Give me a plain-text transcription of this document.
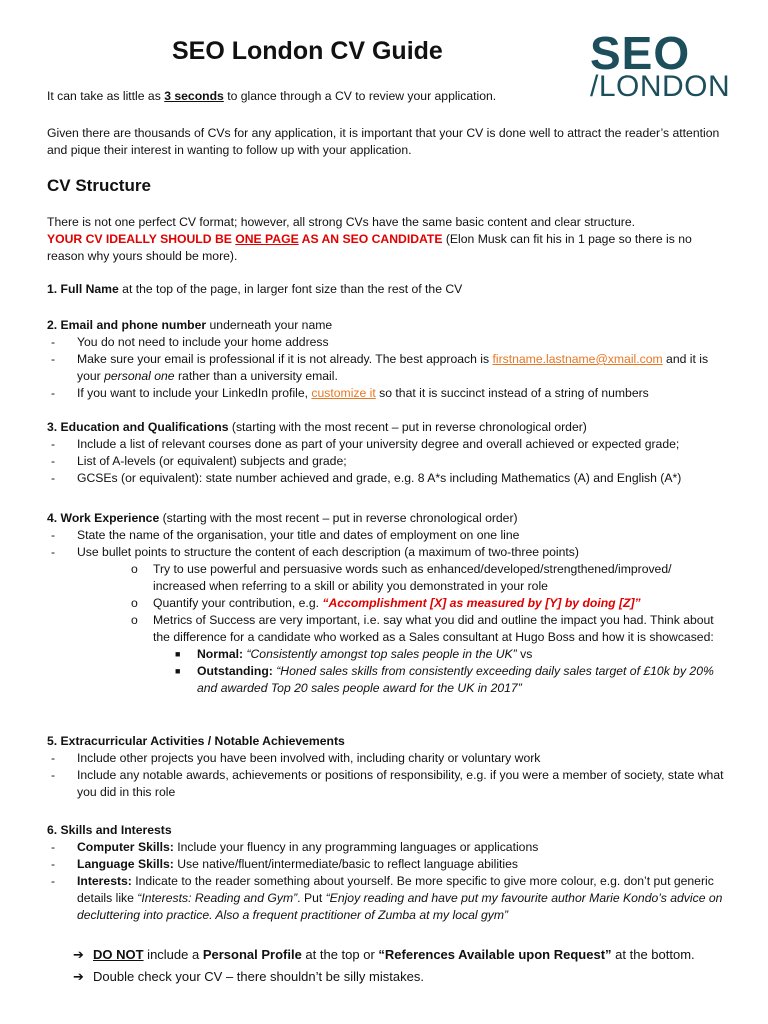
SEO London CV Guide	SEO
/LONDON
It can take as little as 3 seconds to glance through a CV to review your application.
Given there are thousands of CVs for any application, it is important that your CV is done well to attract the reader’s attention and pique their interest in wanting to follow up with your application.
CV Structure
There is not one perfect CV format; however, all strong CVs have the same basic content and clear structure.
YOUR CV IDEALLY SHOULD BE ONE PAGE AS AN SEO CANDIDATE (Elon Musk can fit his in 1 page so there is no reason why yours should be more).
1. Full Name at the top of the page, in larger font size than the rest of the CV
2. Email and phone number underneath your name
- You do not need to include your home address
- Make sure your email is professional if it is not already. The best approach is firstname.lastname@xmail.com and it is your personal one rather than a university email.
- If you want to include your LinkedIn profile, customize it so that it is succinct instead of a string of numbers
3. Education and Qualifications (starting with the most recent – put in reverse chronological order)
- Include a list of relevant courses done as part of your university degree and overall achieved or expected grade;
- List of A-levels (or equivalent) subjects and grade;
- GCSEs (or equivalent): state number achieved and grade, e.g. 8 A*s including Mathematics (A) and English (A*)
4. Work Experience (starting with the most recent – put in reverse chronological order)
- State the name of the organisation, your title and dates of employment on one line
- Use bullet points to structure the content of each description (a maximum of two-three points)
o Try to use powerful and persuasive words such as enhanced/developed/strengthened/improved/ increased when referring to a skill or ability you demonstrated in your role
o Quantify your contribution, e.g. “Accomplishment [X] as measured by [Y] by doing [Z]”
o Metrics of Success are very important, i.e. say what you did and outline the impact you had. Think about the difference for a candidate who worked as a Sales consultant at Hugo Boss and how it is showcased:
■ Normal: “Consistently amongst top sales people in the UK” vs
■ Outstanding: “Honed sales skills from consistently exceeding daily sales target of £10k by 20% and awarded Top 20 sales people award for the UK in 2017”
5. Extracurricular Activities / Notable Achievements
- Include other projects you have been involved with, including charity or voluntary work
- Include any notable awards, achievements or positions of responsibility, e.g. if you were a member of society, state what you did in this role
6. Skills and Interests
- Computer Skills: Include your fluency in any programming languages or applications
- Language Skills: Use native/fluent/intermediate/basic to reflect language abilities
- Interests: Indicate to the reader something about yourself. Be more specific to give more colour, e.g. don’t put generic details like “Interests: Reading and Gym”. Put “Enjoy reading and have put my favourite author Marie Kondo’s advice on decluttering into practice. Also a frequent practitioner of Zumba at my local gym”
➔ DO NOT include a Personal Profile at the top or “References Available upon Request” at the bottom.
➔ Double check your CV – there shouldn’t be silly mistakes.
